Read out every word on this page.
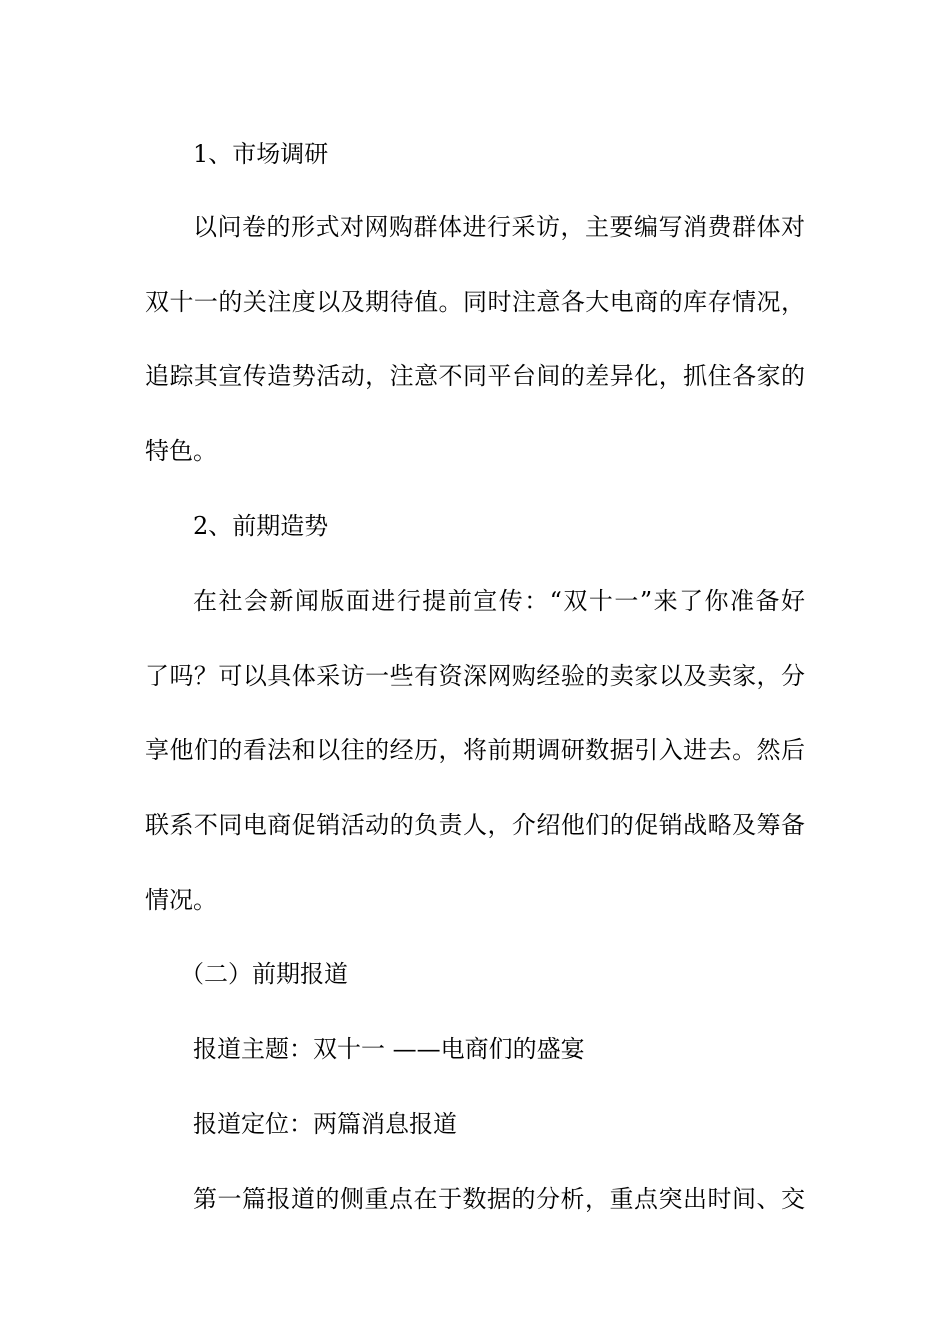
1、市场调研
以问卷的形式对网购群体进行采访，主要编写消费群体对
双十一的关注度以及期待值。同时注意各大电商的库存情况，
追踪其宣传造势活动，注意不同平台间的差异化，抓住各家的
特色。
2、前期造势
在社会新闻版面进行提前宣传：“双十一”来了你准备好
了吗？可以具体采访一些有资深网购经验的卖家以及卖家，分
享他们的看法和以往的经历，将前期调研数据引入进去。然后
联系不同电商促销活动的负责人，介绍他们的促销战略及筹备
情况。
（二）前期报道
报道主题：双十一 ——电商们的盛宴
报道定位：两篇消息报道
第一篇报道的侧重点在于数据的分析，重点突出时间、交
